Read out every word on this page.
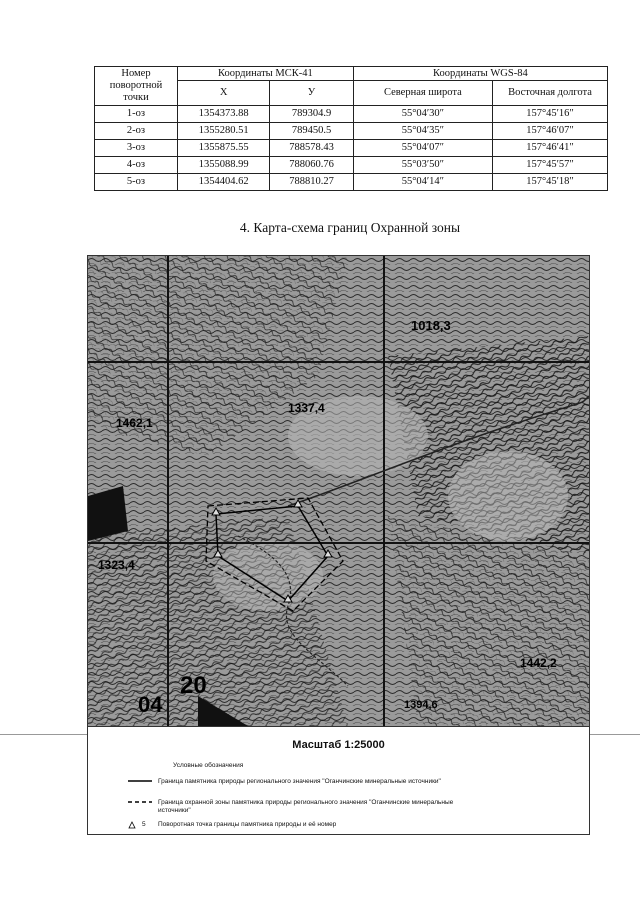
Номер поворотной точки	Координаты МСК-41		Координаты WGS-84	
	X	У	Северная широта	Восточная долгота
1-оз	1354373.88	789304.9	55°04′30″	157°45′16″
2-оз	1355280.51	789450.5	55°04′35″	157°46′07″
3-оз	1355875.55	788578.43	55°04′07″	157°46′41″
4-оз	1355088.99	788060.76	55°03′50″	157°45′57″
5-оз	1354404.62	788810.27	55°04′14″	157°45′18″
4. Карта-схема границ Охранной зоны
1018,3
1337,4
1462,1
1323,4
1442,2
1394,6
20
04
Масштаб 1:25000
Условные обозначения
Граница памятника природы регионального значения "Оганчинские минеральные источники"
Граница охранной зоны памятника природы регионального значения "Оганчинские минеральные источники"
5 Поворотная точка границы памятника природы и её номер
